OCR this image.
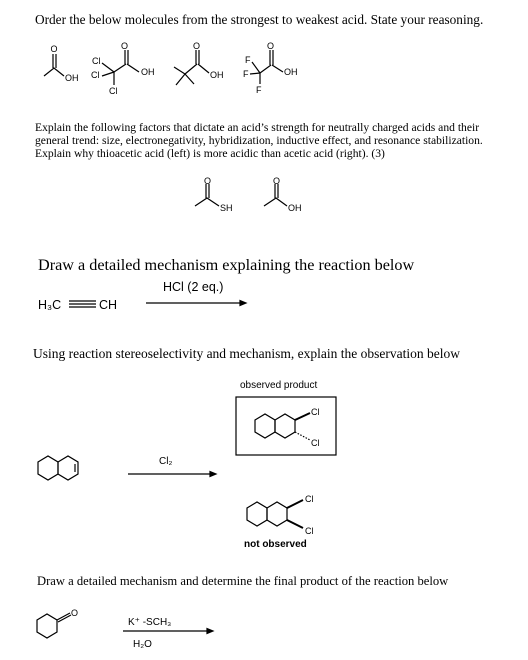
Order the below molecules from the strongest to weakest acid. State your reasoning.
O
OH
O
OH
Cl
Cl
Cl
O
OH
O
OH
F
F
F
Explain the following factors that dictate an acid’s strength for neutrally charged acids and their general trend: size, electronegativity, hybridization, inductive effect, and resonance stabilization. Explain why thioacetic acid (left) is more acidic than acetic acid (right). (3)
O
SH
O
OH
Draw a detailed mechanism explaining the reaction below
H₃C	CH
HCl (2 eq.)
Using reaction stereoselectivity and mechanism, explain the observation below
observed product
Cl
Cl
Cl₂
Cl
Cl
not observed
Draw a detailed mechanism and determine the final product of the reaction below
O
K⁺ -SCH₃
H₂O
